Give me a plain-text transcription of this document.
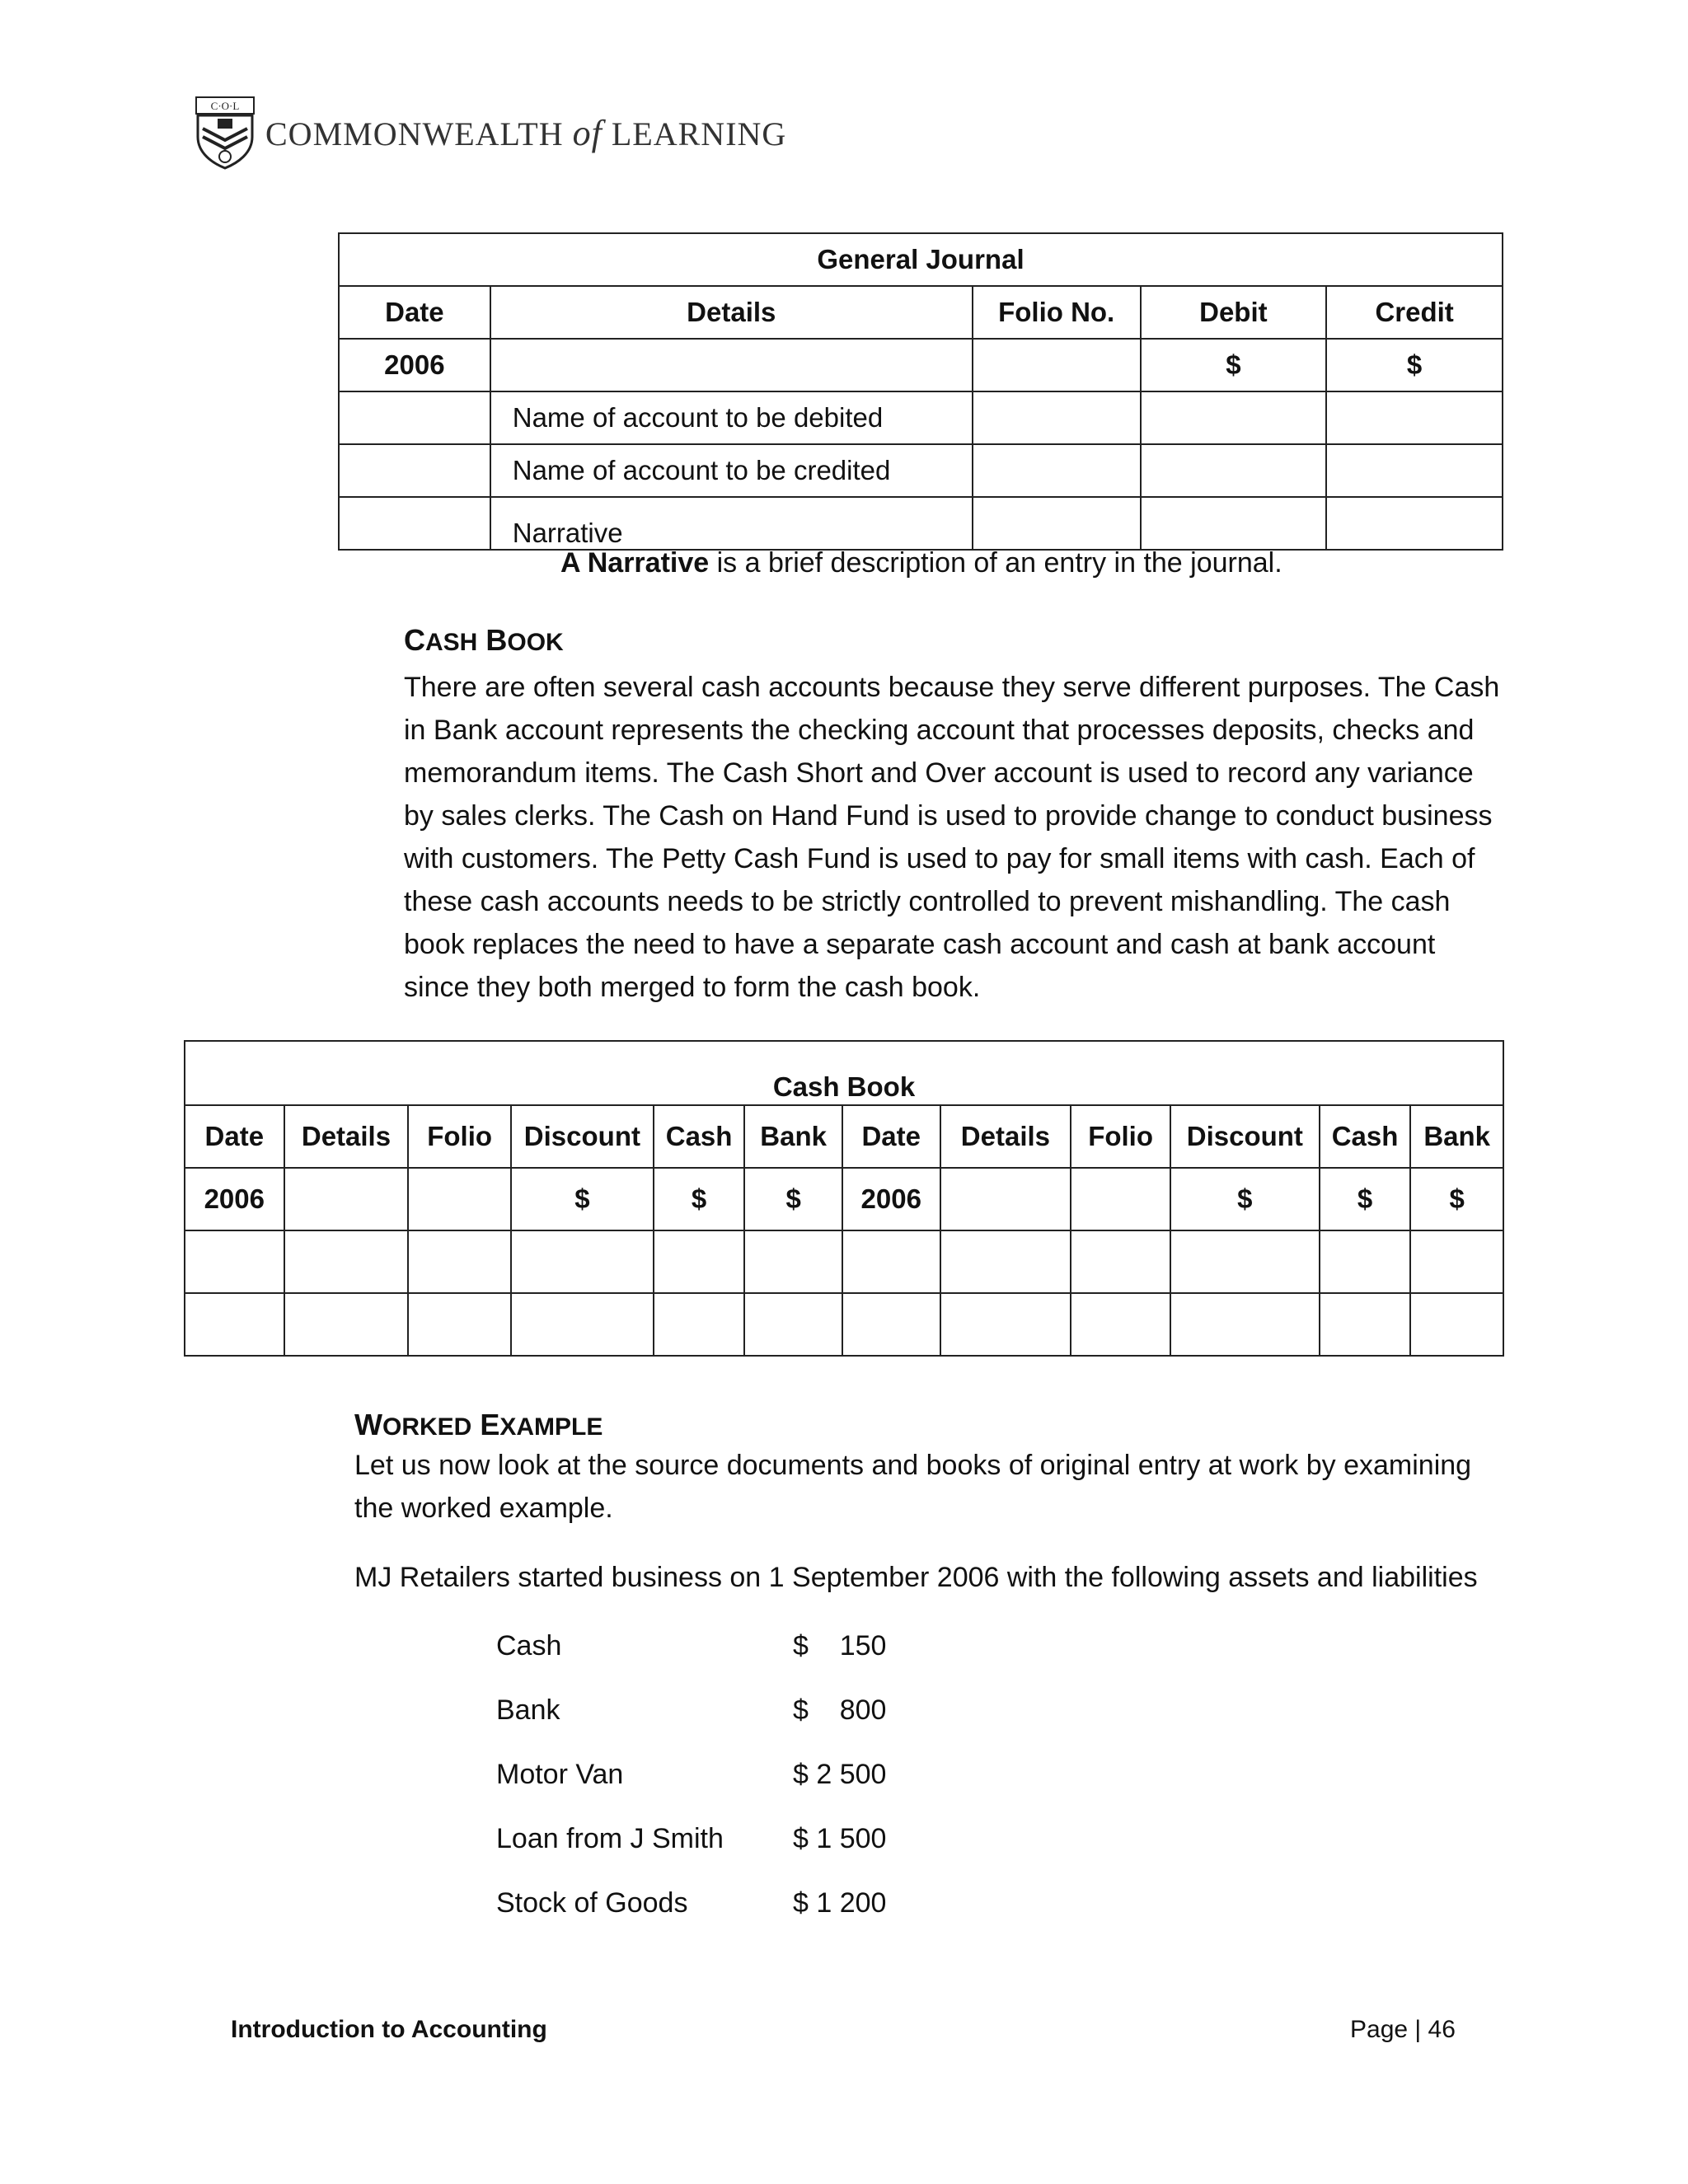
C·O·L
COMMONWEALTH of LEARNING
General Journal				
Date	Details	Folio No.	Debit	Credit
2006			$	$
	Name of account to be debited			
	Name of account to be credited			
	Narrative			
A Narrative is a brief description of an entry in the journal.
CASH BOOK

There are often several cash accounts because they serve different purposes. The Cash in Bank account represents the checking account that processes deposits, checks and memorandum items. The Cash Short and Over account is used to record any variance by sales clerks. The Cash on Hand Fund is used to provide change to conduct business with customers. The Petty Cash Fund is used to pay for small items with cash. Each of these cash accounts needs to be strictly controlled to prevent mishandling. The cash book replaces the need to have a separate cash account and cash at bank account since they both merged to form the cash book.

Cash Book											
Date	Details	Folio	Discount	Cash	Bank	Date	Details	Folio	Discount	Cash	Bank
2006			$	$	$	2006			$	$	$

WORKED EXAMPLE

Let us now look at the source documents and books of original entry at work by examining the worked example.

MJ Retailers started business on 1 September 2006 with the following assets and liabilities

Cash	$    150
Bank	$    800
Motor Van	$ 2 500
Loan from J Smith	$ 1 500
Stock of Goods	$ 1 200
Introduction to Accounting	Page | 46
